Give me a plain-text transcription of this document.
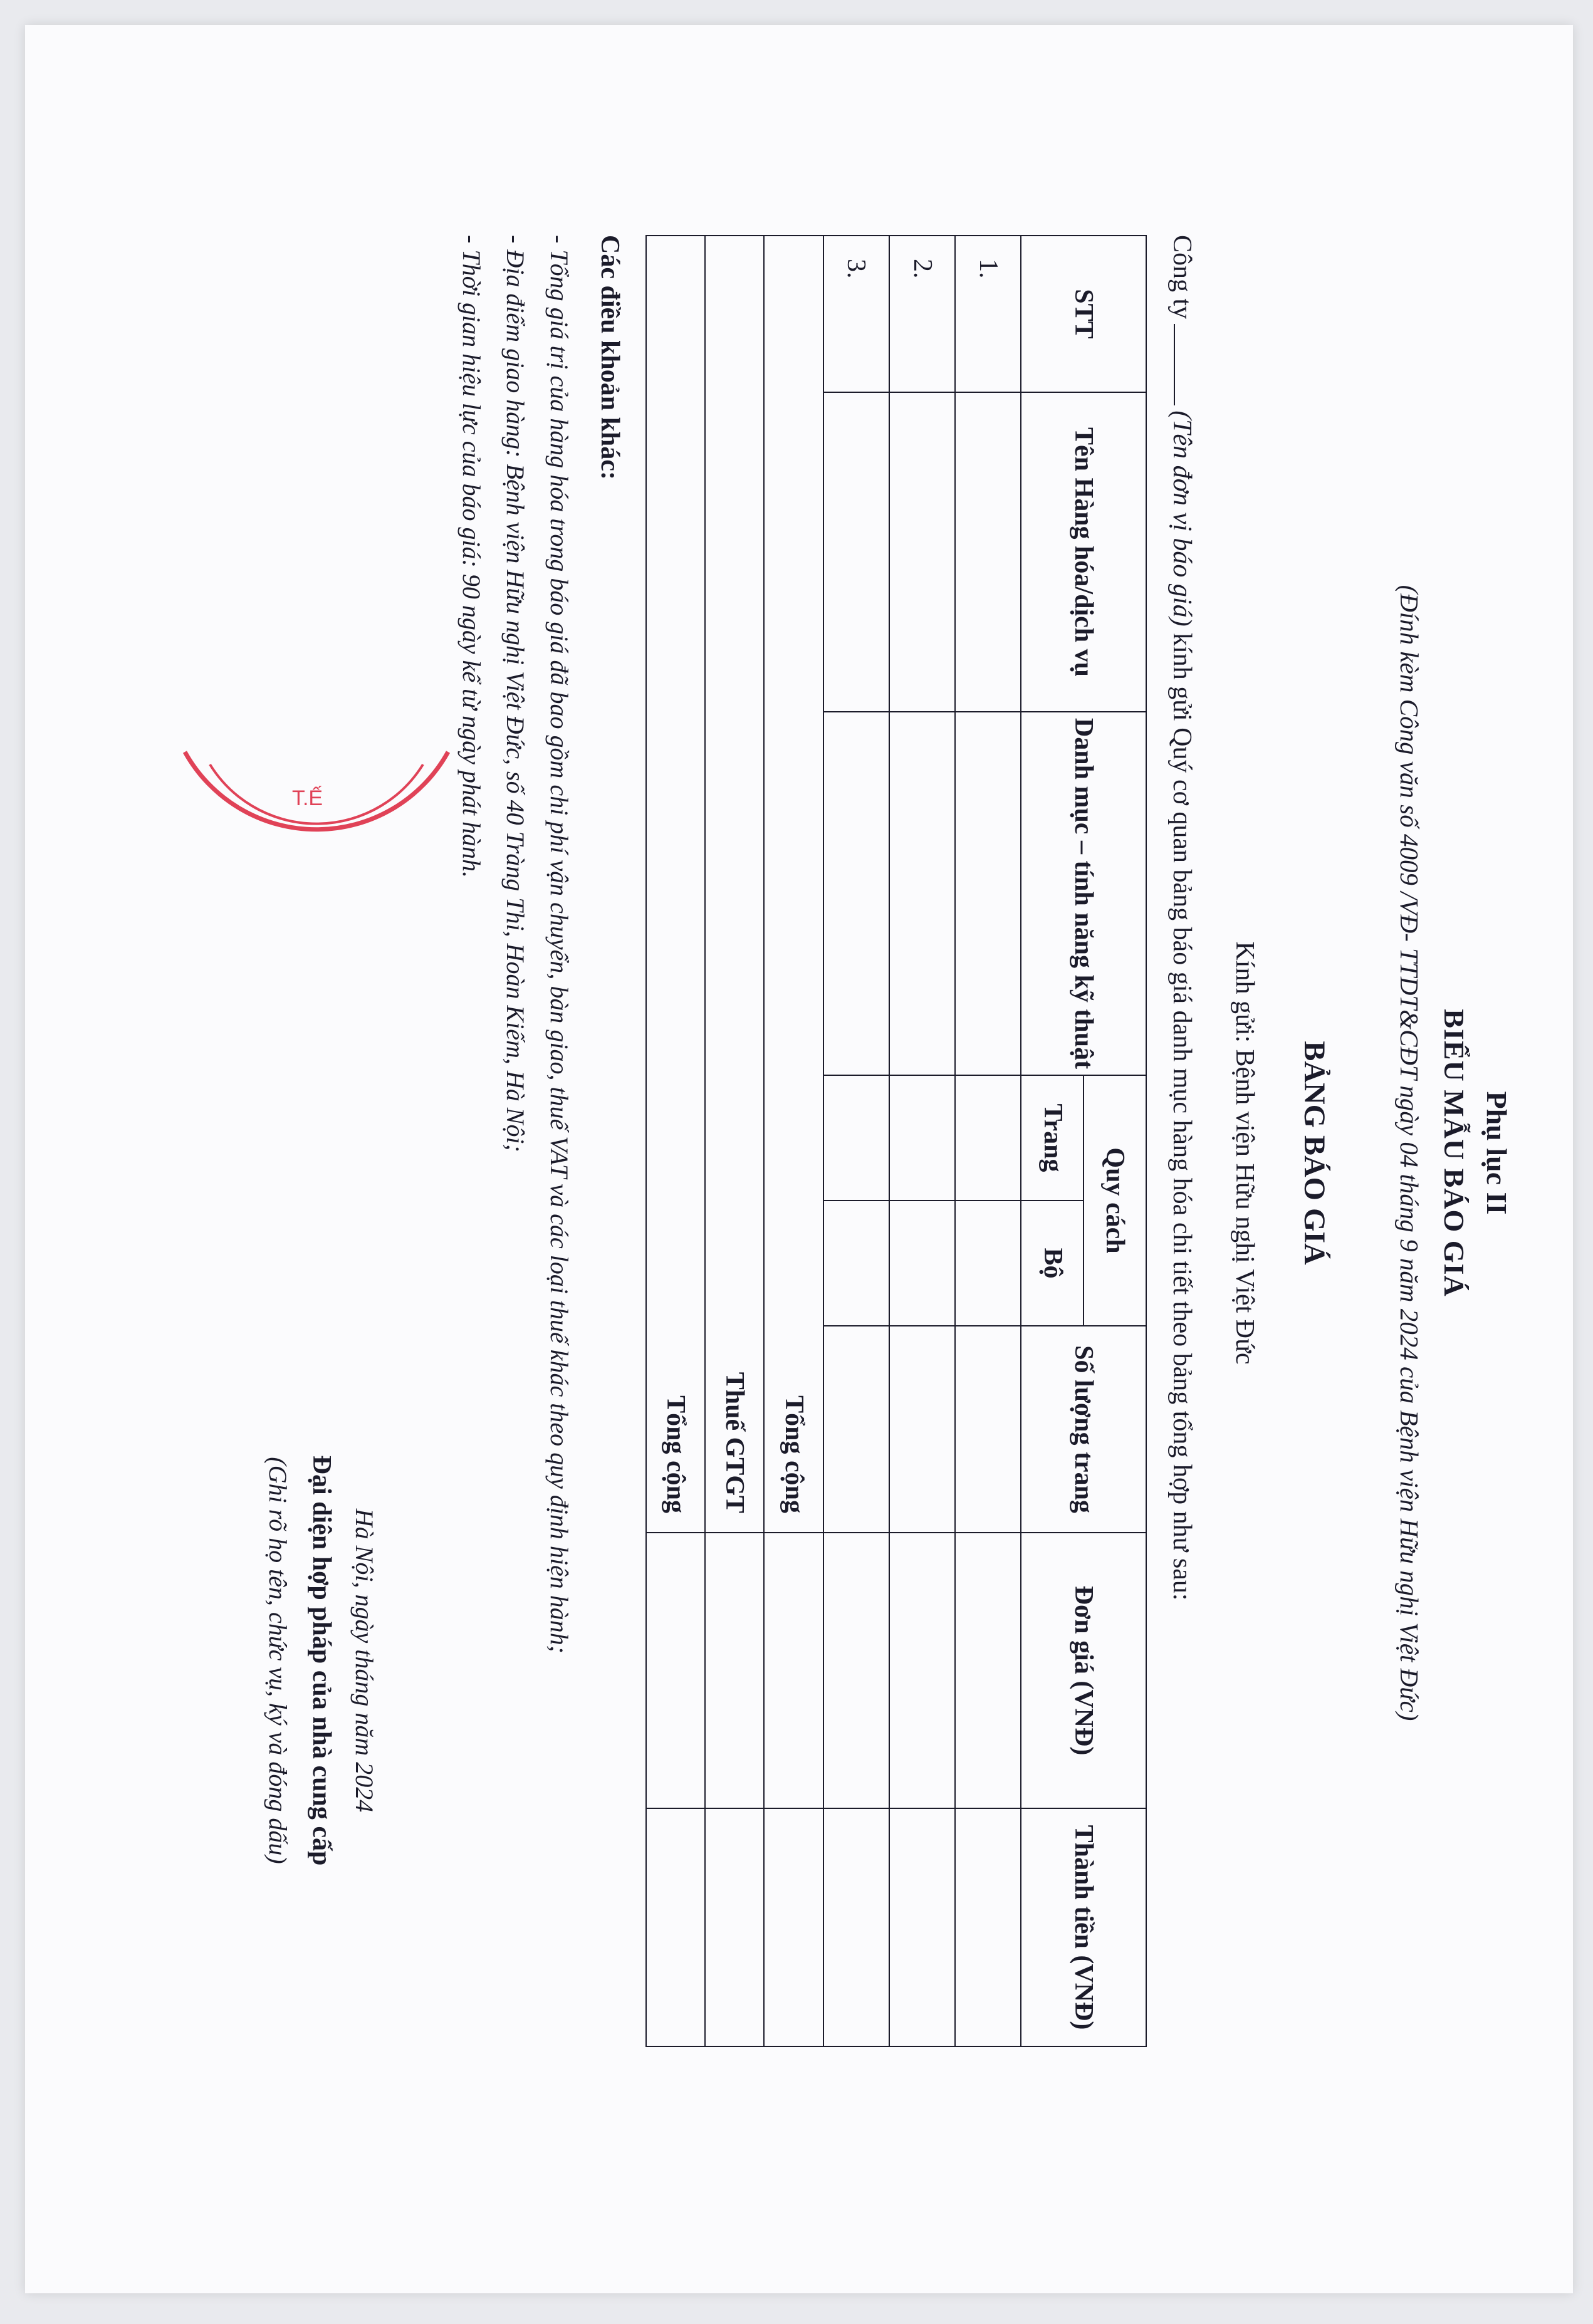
Phụ lục II
BIỂU MẪU BÁO GIÁ
(Đính kèm Công văn số 4009 /VĐ- TTDT&CĐT ngày 04 tháng 9 năm 2024 của Bệnh viện Hữu nghị Việt Đức)
BẢNG BÁO GIÁ
Kính gửi: Bệnh viện Hữu nghị Việt Đức
Công ty(Tên đơn vị báo giá) kính gửi Quý cơ quan bảng báo giá danh mục hàng hóa chi tiết theo bảng tổng hợp như sau:
STT	Tên Hàng hóa/dịch vụ	Danh mục – tính năng kỹ thuật	Quy cách		Số lượng trang	Đơn giá (VNĐ)	Thành tiền (VNĐ)
			Trang	Bộ			
1.							
2.							
3.							
Tổng cộng							
Thuế GTGT							
Tổng cộng							
Các điều khoản khác:
- Tổng giá trị của hàng hóa trong báo giá đã bao gồm chi phí vận chuyển, bàn giao, thuế VAT và các loại thuế khác theo quy định hiện hành;
- Địa điểm giao hàng: Bệnh viện Hữu nghị Việt Đức, số 40 Tràng Thi, Hoàn Kiếm, Hà Nội;
- Thời gian hiệu lực của báo giá: 90 ngày kể từ ngày phát hành.
T.Ế
Hà Nội, ngày tháng năm 2024
Đại diện hợp pháp của nhà cung cấp
(Ghi rõ họ tên, chức vụ, ký và đóng dấu)
